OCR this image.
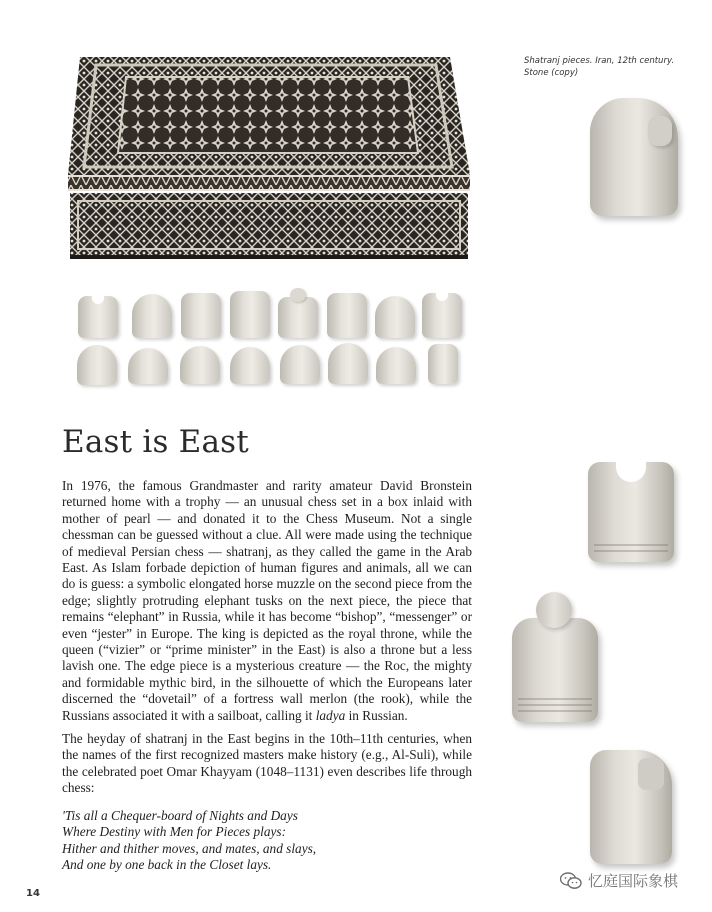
Shatranj pieces. Iran, 12th century.
Stone (copy)
East is East

In 1976, the famous Grandmaster and rarity amateur David Bronstein returned home with a trophy — an unusual chess set in a box inlaid with mother of pearl — and donated it to the Chess Museum. Not a single chessman can be guessed without a clue. All were made using the technique of medieval Persian chess — shatranj, as they called the game in the Arab East. As Islam forbade depiction of human figures and animals, all we can do is guess: a symbolic elongated horse muzzle on the second piece from the edge; slightly protruding elephant tusks on the next piece, the piece that remains “elephant” in Russia, while it has become “bishop”, “messenger” or even “jester” in Europe. The king is depicted as the royal throne, while the queen (“vizier” or “prime minister” in the East) is also a throne but a less lavish one. The edge piece is a mysterious creature — the Roc, the mighty and formidable mythic bird, in the silhouette of which the Europeans later discerned the “dovetail” of a fortress wall merlon (the rook), while the Russians associated it with a sailboat, calling it ladya in Russian.

The heyday of shatranj in the East begins in the 10th–11th centuries, when the names of the first recognized masters make history (e.g., Al-Suli), while the celebrated poet Omar Khayyam (1048–1131) even describes life through chess:

'Tis all a Chequer-board of Nights and Days
Where Destiny with Men for Pieces plays:
Hither and thither moves, and mates, and slays,
And one by one back in the Closet lays.
14
忆庭国际象棋
